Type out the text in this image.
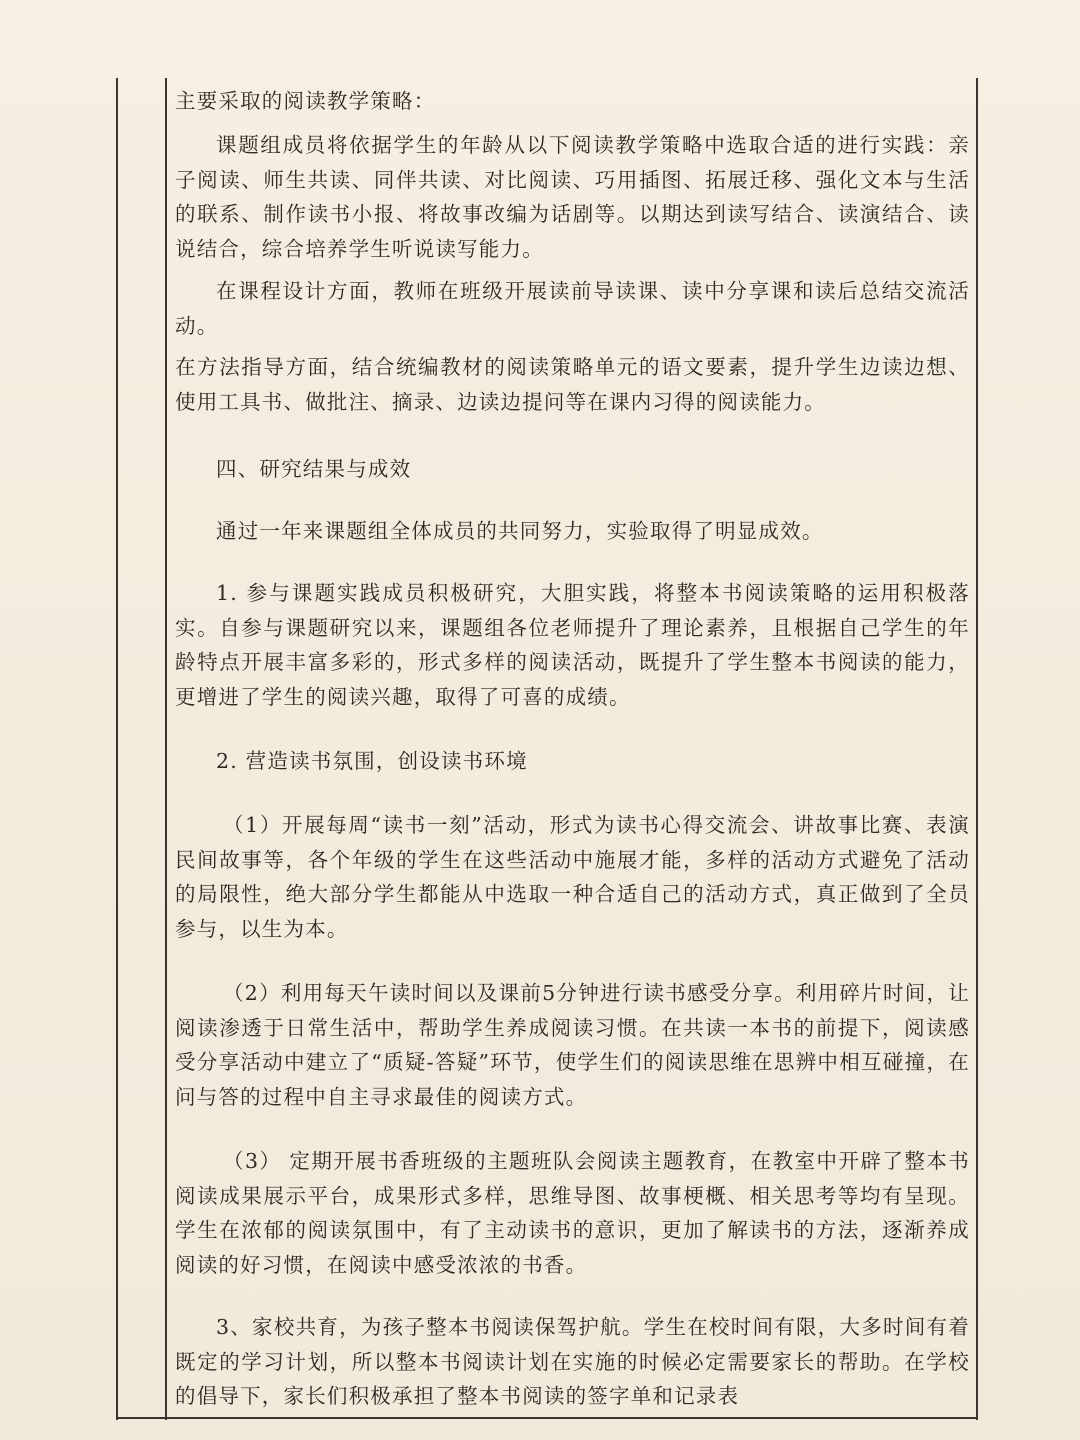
主要采取的阅读教学策略：

课题组成员将依据学生的年龄从以下阅读教学策略中选取合适的进行实践：亲子阅读、师生共读、同伴共读、对比阅读、巧用插图、拓展迁移、强化文本与生活的联系、制作读书小报、将故事改编为话剧等。以期达到读写结合、读演结合、读说结合，综合培养学生听说读写能力。

在课程设计方面，教师在班级开展读前导读课、读中分享课和读后总结交流活动。

在方法指导方面，结合统编教材的阅读策略单元的语文要素，提升学生边读边想、使用工具书、做批注、摘录、边读边提问等在课内习得的阅读能力。

四、研究结果与成效

通过一年来课题组全体成员的共同努力，实验取得了明显成效。

1. 参与课题实践成员积极研究，大胆实践，将整本书阅读策略的运用积极落实。自参与课题研究以来，课题组各位老师提升了理论素养，且根据自己学生的年龄特点开展丰富多彩的，形式多样的阅读活动，既提升了学生整本书阅读的能力，更增进了学生的阅读兴趣，取得了可喜的成绩。

2. 营造读书氛围，创设读书环境

（1）开展每周“读书一刻”活动，形式为读书心得交流会、讲故事比赛、表演民间故事等，各个年级的学生在这些活动中施展才能，多样的活动方式避免了活动的局限性，绝大部分学生都能从中选取一种合适自己的活动方式，真正做到了全员参与，以生为本。

（2）利用每天午读时间以及课前5分钟进行读书感受分享。利用碎片时间，让阅读渗透于日常生活中，帮助学生养成阅读习惯。在共读一本书的前提下，阅读感受分享活动中建立了“质疑-答疑”环节，使学生们的阅读思维在思辨中相互碰撞，在问与答的过程中自主寻求最佳的阅读方式。

（3） 定期开展书香班级的主题班队会阅读主题教育，在教室中开辟了整本书阅读成果展示平台，成果形式多样，思维导图、故事梗概、相关思考等均有呈现。学生在浓郁的阅读氛围中，有了主动读书的意识，更加了解读书的方法，逐渐养成阅读的好习惯，在阅读中感受浓浓的书香。

3、家校共育，为孩子整本书阅读保驾护航。学生在校时间有限，大多时间有着既定的学习计划，所以整本书阅读计划在实施的时候必定需要家长的帮助。在学校的倡导下，家长们积极承担了整本书阅读的签字单和记录表
